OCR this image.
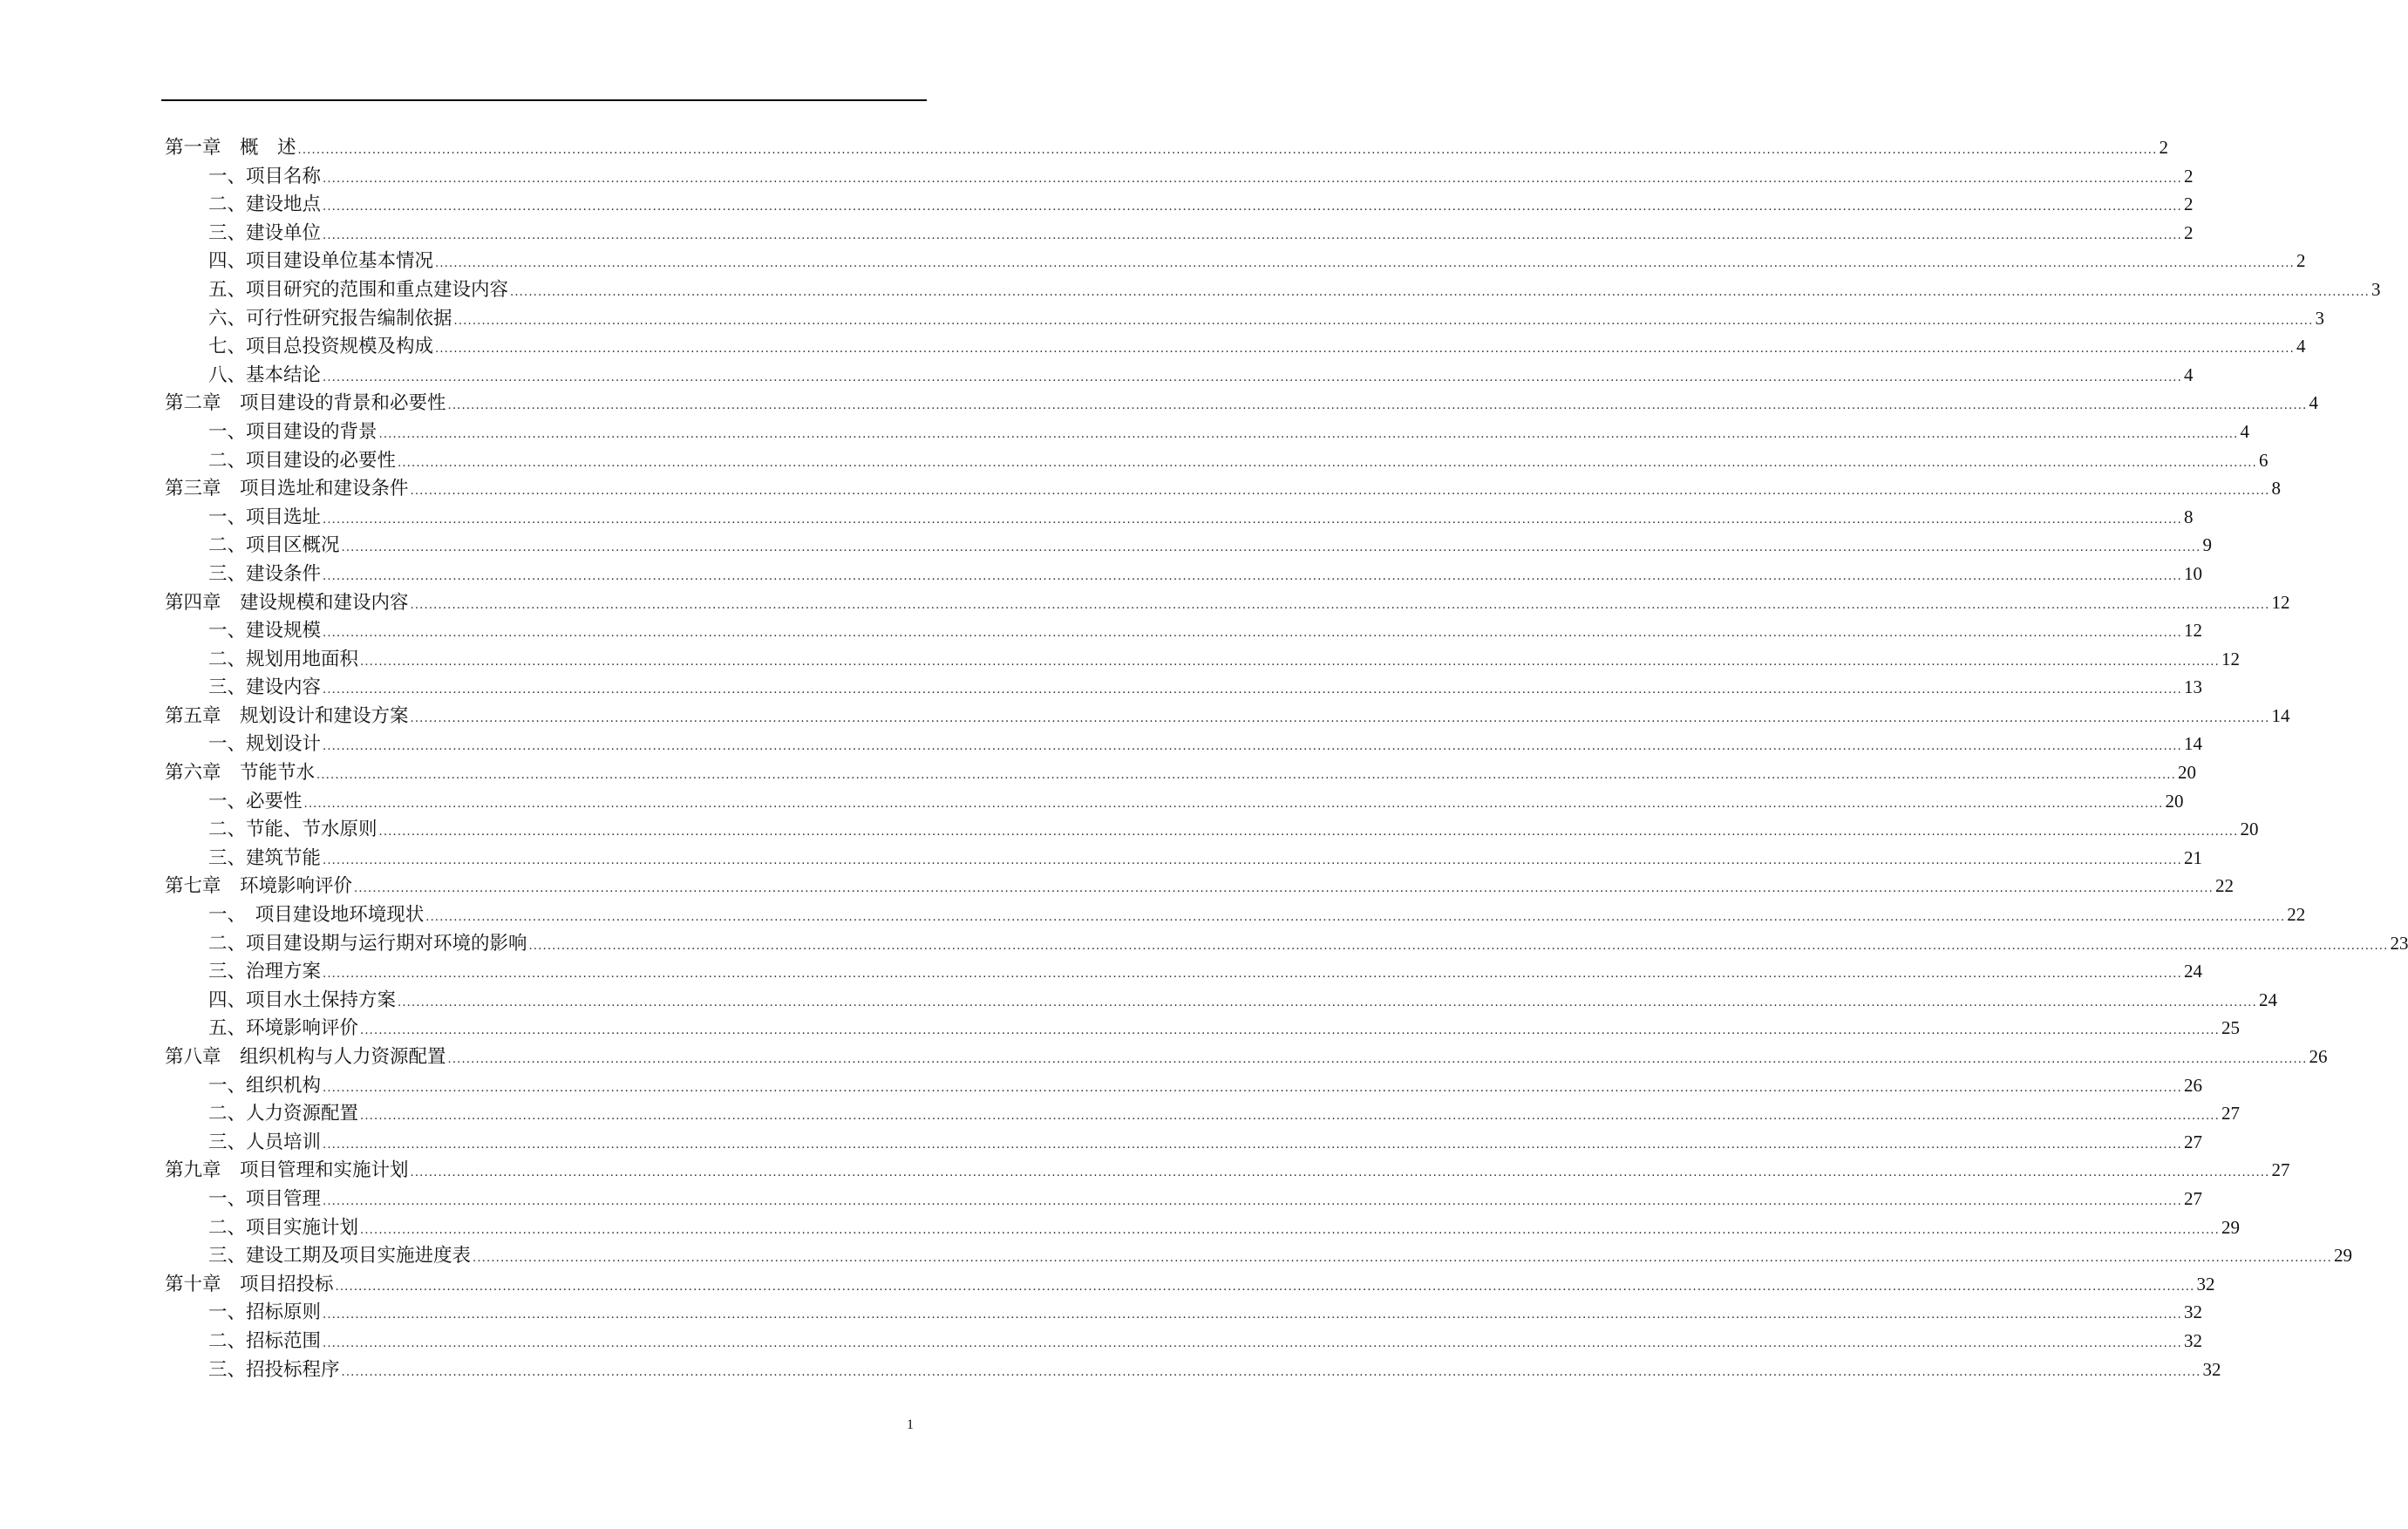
第一章　概　述 ................................................................................................................................................................................................................................................................................................................................................................................................................ 2
一、项目名称 ................................................................................................................................................................................................................................................................................................................................................................................................................ 2
二、建设地点 ................................................................................................................................................................................................................................................................................................................................................................................................................ 2
三、建设单位 ................................................................................................................................................................................................................................................................................................................................................................................................................ 2
四、项目建设单位基本情况 ................................................................................................................................................................................................................................................................................................................................................................................................................ 2
五、项目研究的范围和重点建设内容 ................................................................................................................................................................................................................................................................................................................................................................................................................ 3
六、可行性研究报告编制依据 ................................................................................................................................................................................................................................................................................................................................................................................................................ 3
七、项目总投资规模及构成 ................................................................................................................................................................................................................................................................................................................................................................................................................ 4
八、基本结论 ................................................................................................................................................................................................................................................................................................................................................................................................................ 4
第二章　项目建设的背景和必要性 ................................................................................................................................................................................................................................................................................................................................................................................................................ 4
一、项目建设的背景 ................................................................................................................................................................................................................................................................................................................................................................................................................ 4
二、项目建设的必要性 ................................................................................................................................................................................................................................................................................................................................................................................................................ 6
第三章　项目选址和建设条件 ................................................................................................................................................................................................................................................................................................................................................................................................................ 8
一、项目选址 ................................................................................................................................................................................................................................................................................................................................................................................................................ 8
二、项目区概况 ................................................................................................................................................................................................................................................................................................................................................................................................................ 9
三、建设条件 ................................................................................................................................................................................................................................................................................................................................................................................................................ 10
第四章　建设规模和建设内容 ................................................................................................................................................................................................................................................................................................................................................................................................................ 12
一、建设规模 ................................................................................................................................................................................................................................................................................................................................................................................................................ 12
二、规划用地面积 ................................................................................................................................................................................................................................................................................................................................................................................................................ 12
三、建设内容 ................................................................................................................................................................................................................................................................................................................................................................................................................ 13
第五章　规划设计和建设方案 ................................................................................................................................................................................................................................................................................................................................................................................................................ 14
一、规划设计 ................................................................................................................................................................................................................................................................................................................................................................................................................ 14
第六章　节能节水 ................................................................................................................................................................................................................................................................................................................................................................................................................ 20
一、必要性 ................................................................................................................................................................................................................................................................................................................................................................................................................ 20
二、节能、节水原则 ................................................................................................................................................................................................................................................................................................................................................................................................................ 20
三、建筑节能 ................................................................................................................................................................................................................................................................................................................................................................................................................ 21
第七章　环境影响评价 ................................................................................................................................................................................................................................................................................................................................................................................................................ 22
一、　项目建设地环境现状 ................................................................................................................................................................................................................................................................................................................................................................................................................ 22
二、项目建设期与运行期对环境的影响 ................................................................................................................................................................................................................................................................................................................................................................................................................ 23
三、治理方案 ................................................................................................................................................................................................................................................................................................................................................................................................................ 24
四、项目水土保持方案 ................................................................................................................................................................................................................................................................................................................................................................................................................ 24
五、环境影响评价 ................................................................................................................................................................................................................................................................................................................................................................................................................ 25
第八章　组织机构与人力资源配置 ................................................................................................................................................................................................................................................................................................................................................................................................................ 26
一、组织机构 ................................................................................................................................................................................................................................................................................................................................................................................................................ 26
二、人力资源配置 ................................................................................................................................................................................................................................................................................................................................................................................................................ 27
三、人员培训 ................................................................................................................................................................................................................................................................................................................................................................................................................ 27
第九章　项目管理和实施计划 ................................................................................................................................................................................................................................................................................................................................................................................................................ 27
一、项目管理 ................................................................................................................................................................................................................................................................................................................................................................................................................ 27
二、项目实施计划 ................................................................................................................................................................................................................................................................................................................................................................................................................ 29
三、建设工期及项目实施进度表 ................................................................................................................................................................................................................................................................................................................................................................................................................ 29
第十章　项目招投标 ................................................................................................................................................................................................................................................................................................................................................................................................................ 32
一、招标原则 ................................................................................................................................................................................................................................................................................................................................................................................................................ 32
二、招标范围 ................................................................................................................................................................................................................................................................................................................................................................................................................ 32
三、招投标程序 ................................................................................................................................................................................................................................................................................................................................................................................................................ 32
1
